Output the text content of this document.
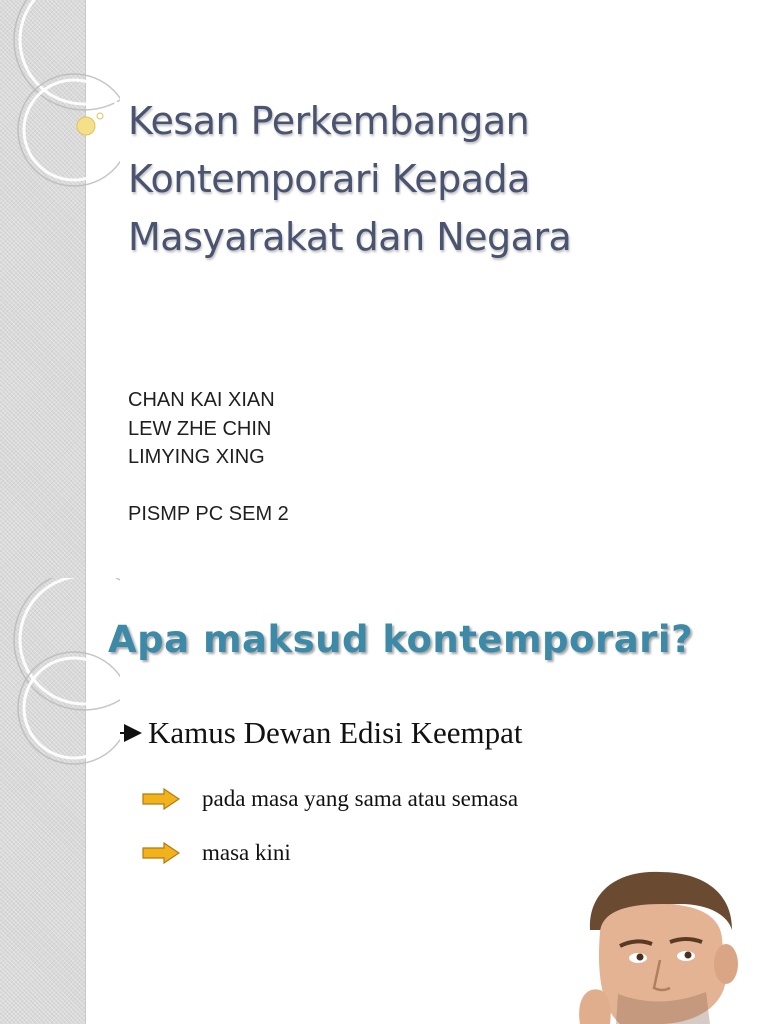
Kesan Perkembangan
Kontemporari Kepada
Masyarakat dan Negara
CHAN KAI XIAN
LEW ZHE CHIN
LIMYING XING
PISMP PC SEM 2
Apa maksud kontemporari?
Kamus Dewan Edisi Keempat
pada masa yang sama atau semasa
masa kini
